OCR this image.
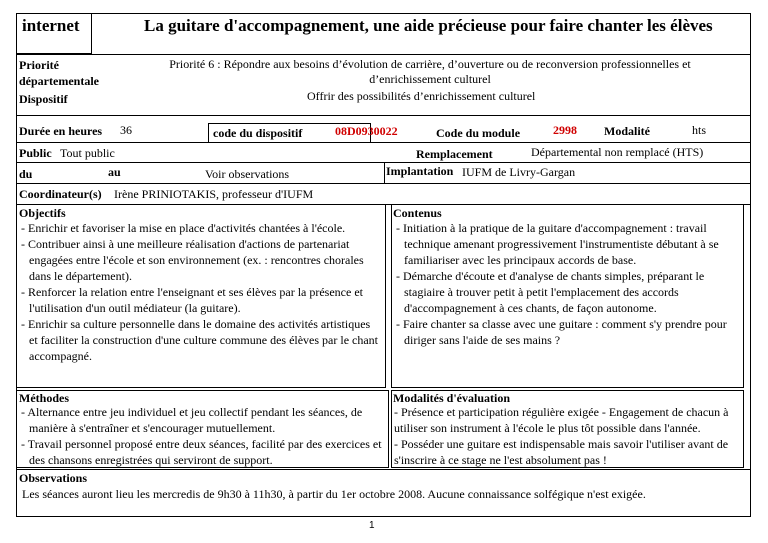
internet	La guitare d'accompagnement, une aide précieuse pour faire chanter les élèves
Priorité départementale
Priorité 6 : Répondre aux besoins d’évolution de carrière, d’ouverture ou de reconversion professionnelles et d’enrichissement culturel
Dispositif	Offrir des possibilités d’enrichissement culturel
Durée en heures 36	code du dispositif	08D0930022	Code du module	2998 Modalité	hts
Public Tout public	Remplacement	Départemental non remplacé (HTS)
du	au	Voir observations	Implantation IUFM de Livry-Gargan
Coordinateur(s) Irène PRINIOTAKIS, professeur d'IUFM
Objectifs
- Enrichir et favoriser la mise en place d'activités chantées à l'école.
- Contribuer ainsi à une meilleure réalisation d'actions de partenariat engagées entre l'école et son environnement (ex. : rencontres chorales dans le département).
- Renforcer la relation entre l'enseignant et ses élèves par la présence et l'utilisation d'un outil médiateur (la guitare).
- Enrichir sa culture personnelle dans le domaine des activités artistiques et faciliter la construction d'une culture commune des élèves par le chant accompagné.
Contenus
- Initiation à la pratique de la guitare d'accompagnement : travail technique amenant progressivement l'instrumentiste débutant à se familiariser avec les principaux accords de base.
- Démarche d'écoute et d'analyse de chants simples, préparant le stagiaire à trouver petit à petit l'emplacement des accords d'accompagnement à ces chants, de façon autonome.
- Faire chanter sa classe avec une guitare : comment s'y prendre pour diriger sans l'aide de ses mains ?
Méthodes
- Alternance entre jeu individuel et jeu collectif pendant les séances, de manière à s'entraîner et s'encourager mutuellement.
- Travail personnel proposé entre deux séances, facilité par des exercices et des chansons enregistrées qui serviront de support.
Modalités d'évaluation
- Présence et participation régulière exigée - Engagement de chacun à utiliser son instrument à l'école le plus tôt possible dans l'année.
- Posséder une guitare est indispensable mais savoir l'utiliser avant de s'inscrire à ce stage ne l'est absolument pas !
Observations
Les séances auront lieu les mercredis de 9h30 à 11h30, à partir du 1er octobre 2008. Aucune connaissance solfégique n'est exigée.
1
